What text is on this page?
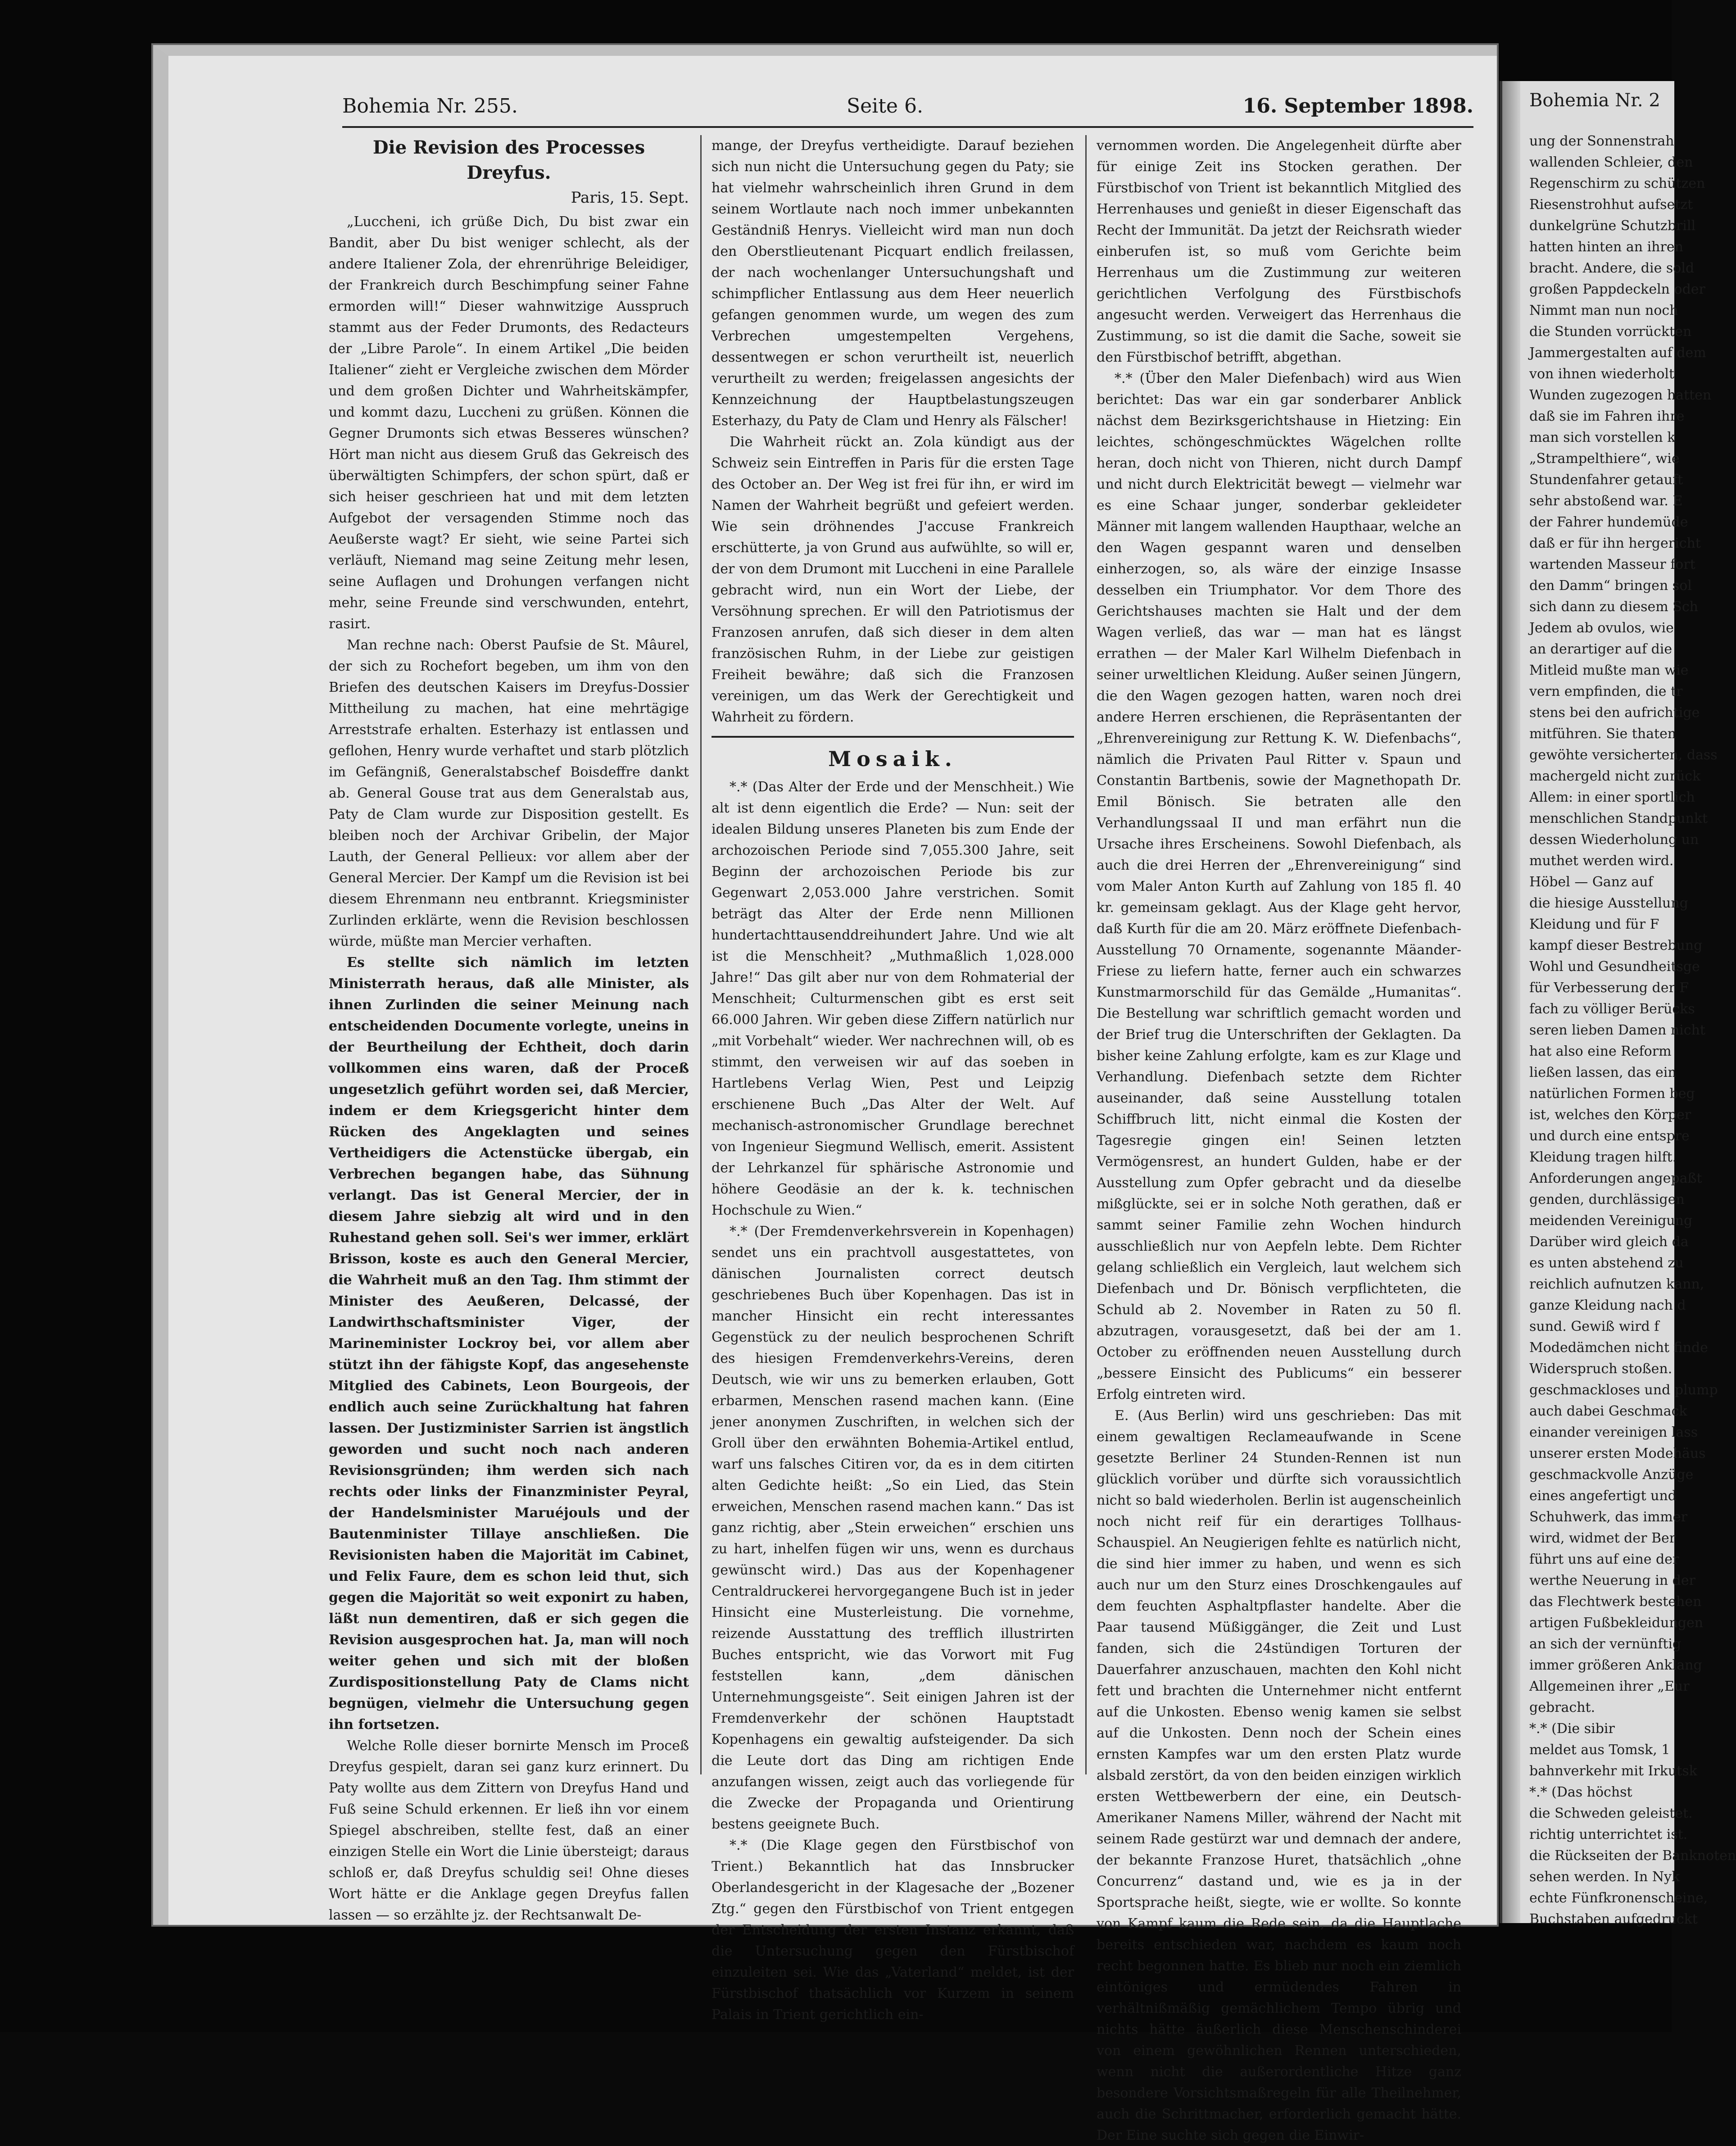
Bohemia Nr. 2
ung der Sonnenstrah
wallenden Schleier, den
Regenschirm zu schützen
Riesenstrohhut aufsetzt
dunkelgrüne Schutzbrill
hatten hinten an ihren
bracht. Andere, die sold
großen Pappdeckeln oder
Nimmt man nun noch
die Stunden vorrückten
Jammergestalten auf dem
von ihnen wiederholt
Wunden zugezogen hatten
daß sie im Fahren ihre
man sich vorstellen k
„Strampelthiere“, wie
Stundenfahrer getauft
sehr abstoßend war. E
der Fahrer hundemüde
daß er für ihn hergericht
wartenden Masseur fort
den Damm“ bringen sol
sich dann zu diesem Sch
Jedem ab ovulos, wie
an derartiger auf die
Mitleid mußte man wie
vern empfinden, die tr
stens bei den aufrichtige
mitführen. Sie thaten
gewöhte versicherten, dass
machergeld nicht zurück
Allem: in einer sportlich
menschlichen Standpunkt
dessen Wiederholung un
muthet werden wird.
Höbel — Ganz auf
die hiesige Ausstellung
Kleidung und für F
kampf dieser Bestrebung
Wohl und Gesundheitsge
für Verbesserung der F
fach zu völliger Berücks
seren lieben Damen nicht
hat also eine Reform
ließen lassen, das ein
natürlichen Formen beg
ist, welches den Körper
und durch eine entspre
Kleidung tragen hilft.
Anforderungen angepaßt
genden, durchlässigen
meidenden Vereinigung
Darüber wird gleich da
es unten abstehend zu
reichlich aufnutzen kann,
ganze Kleidung nach d
sund. Gewiß wird f
Modedämchen nicht finde
Widerspruch stoßen.
geschmackloses und plump
auch dabei Geschmack
einander vereinigen lass
unserer ersten Modehäus
geschmackvolle Anzüge
eines angefertigt und
Schuhwerk, das immer
wird, widmet der Ber
führt uns auf eine der
werthe Neuerung in der
das Flechtwerk bestehen
artigen Fußbekleidungen
an sich der vernünftig
immer größeren Anklang
Allgemeinen ihrer „Eur
gebracht.
*.* (Die sibir
meldet aus Tomsk, 1
bahnverkehr mit Irkutsk
*.* (Das höchst
die Schweden geleistet.
richtig unterrichtet ist.
die Rückseiten der Banknoten
sehen werden. In Nyk
echte Fünfkronenscheine,
Buchstaben aufgedruckt
Bohemia Nr. 255.	Seite 6.	16. September 1898.
Die Revision des Processes Dreyfus.
Paris, 15. Sept.

„Luccheni, ich grüße Dich, Du bist zwar ein Bandit, aber Du bist weniger schlecht, als der andere Italiener Zola, der ehrenrührige Beleidiger, der Frankreich durch Beschimpfung seiner Fahne ermorden will!“ Dieser wahnwitzige Ausspruch stammt aus der Feder Drumonts, des Redacteurs der „Libre Parole“. In einem Artikel „Die beiden Italiener“ zieht er Vergleiche zwischen dem Mörder und dem großen Dichter und Wahrheitskämpfer, und kommt dazu, Luccheni zu grüßen. Können die Gegner Drumonts sich etwas Besseres wünschen? Hört man nicht aus diesem Gruß das Gekreisch des überwältigten Schimpfers, der schon spürt, daß er sich heiser geschrieen hat und mit dem letzten Aufgebot der versagenden Stimme noch das Aeußerste wagt? Er sieht, wie seine Partei sich verläuft, Niemand mag seine Zeitung mehr lesen, seine Auflagen und Drohungen verfangen nicht mehr, seine Freunde sind verschwunden, entehrt, rasirt.

Man rechne nach: Oberst Paufsie de St. Mâurel, der sich zu Rochefort begeben, um ihm von den Briefen des deutschen Kaisers im Dreyfus-Dossier Mittheilung zu machen, hat eine mehrtägige Arreststrafe erhalten. Esterhazy ist entlassen und geflohen, Henry wurde verhaftet und starb plötzlich im Gefängniß, Generalstabschef Boisdeffre dankt ab. General Gouse trat aus dem Generalstab aus, Paty de Clam wurde zur Disposition gestellt. Es bleiben noch der Archivar Gribelin, der Major Lauth, der General Pellieux: vor allem aber der General Mercier. Der Kampf um die Revision ist bei diesem Ehrenmann neu entbrannt. Kriegsminister Zurlinden erklärte, wenn die Revision beschlossen würde, müßte man Mercier verhaften.

Es stellte sich nämlich im letzten Ministerrath heraus, daß alle Minister, als ihnen Zurlinden die seiner Meinung nach entscheidenden Documente vorlegte, uneins in der Beurtheilung der Echtheit, doch darin vollkommen eins waren, daß der Proceß ungesetzlich geführt worden sei, daß Mercier, indem er dem Kriegsgericht hinter dem Rücken des Angeklagten und seines Vertheidigers die Actenstücke übergab, ein Verbrechen begangen habe, das Sühnung verlangt. Das ist General Mercier, der in diesem Jahre siebzig alt wird und in den Ruhestand gehen soll. Sei's wer immer, erklärt Brisson, koste es auch den General Mercier, die Wahrheit muß an den Tag. Ihm stimmt der Minister des Aeußeren, Delcassé, der Landwirthschaftsminister Viger, der Marineminister Lockroy bei, vor allem aber stützt ihn der fähigste Kopf, das angesehenste Mitglied des Cabinets, Leon Bourgeois, der endlich auch seine Zurückhaltung hat fahren lassen. Der Justizminister Sarrien ist ängstlich geworden und sucht noch nach anderen Revisionsgründen; ihm werden sich nach rechts oder links der Finanzminister Peyral, der Handelsminister Maruéjouls und der Bautenminister Tillaye anschließen. Die Revisionisten haben die Majorität im Cabinet, und Felix Faure, dem es schon leid thut, sich gegen die Majorität so weit exponirt zu haben, läßt nun dementiren, daß er sich gegen die Revision ausgesprochen hat. Ja, man will noch weiter gehen und sich mit der bloßen Zurdispositionstellung Paty de Clams nicht begnügen, vielmehr die Untersuchung gegen ihn fortsetzen.

Welche Rolle dieser bornirte Mensch im Proceß Dreyfus gespielt, daran sei ganz kurz erinnert. Du Paty wollte aus dem Zittern von Dreyfus Hand und Fuß seine Schuld erkennen. Er ließ ihn vor einem Spiegel abschreiben, stellte fest, daß an einer einzigen Stelle ein Wort die Linie übersteigt; daraus schloß er, daß Dreyfus schuldig sei! Ohne dieses Wort hätte er die Anklage gegen Dreyfus fallen lassen — so erzählte jz. der Rechtsanwalt De-

mange, der Dreyfus vertheidigte. Darauf beziehen sich nun nicht die Untersuchung gegen du Paty; sie hat vielmehr wahrscheinlich ihren Grund in dem seinem Wortlaute nach noch immer unbekannten Geständniß Henrys. Vielleicht wird man nun doch den Oberstlieutenant Picquart endlich freilassen, der nach wochenlanger Untersuchungshaft und schimpflicher Entlassung aus dem Heer neuerlich gefangen genommen wurde, um wegen des zum Verbrechen umgestempelten Vergehens, dessentwegen er schon verurtheilt ist, neuerlich verurtheilt zu werden; freigelassen angesichts der Kennzeichnung der Hauptbelastungszeugen Esterhazy, du Paty de Clam und Henry als Fälscher!

Die Wahrheit rückt an. Zola kündigt aus der Schweiz sein Eintreffen in Paris für die ersten Tage des October an. Der Weg ist frei für ihn, er wird im Namen der Wahrheit begrüßt und gefeiert werden. Wie sein dröhnendes J'accuse Frankreich erschütterte, ja von Grund aus aufwühlte, so will er, der von dem Drumont mit Luccheni in eine Parallele gebracht wird, nun ein Wort der Liebe, der Versöhnung sprechen. Er will den Patriotismus der Franzosen anrufen, daß sich dieser in dem alten französischen Ruhm, in der Liebe zur geistigen Freiheit bewähre; daß sich die Franzosen vereinigen, um das Werk der Gerechtigkeit und Wahrheit zu fördern.

Mosaik.

*.* (Das Alter der Erde und der Menschheit.) Wie alt ist denn eigentlich die Erde? — Nun: seit der idealen Bildung unseres Planeten bis zum Ende der archozoischen Periode sind 7,055.300 Jahre, seit Beginn der archozoischen Periode bis zur Gegenwart 2,053.000 Jahre verstrichen. Somit beträgt das Alter der Erde nenn Millionen hundertachttausenddreihundert Jahre. Und wie alt ist die Menschheit? „Muthmaßlich 1,028.000 Jahre!“ Das gilt aber nur von dem Rohmaterial der Menschheit; Culturmenschen gibt es erst seit 66.000 Jahren. Wir geben diese Ziffern natürlich nur „mit Vorbehalt“ wieder. Wer nachrechnen will, ob es stimmt, den verweisen wir auf das soeben in Hartlebens Verlag Wien, Pest und Leipzig erschienene Buch „Das Alter der Welt. Auf mechanisch-astronomischer Grundlage berechnet von Ingenieur Siegmund Wellisch, emerit. Assistent der Lehrkanzel für sphärische Astronomie und höhere Geodäsie an der k. k. technischen Hochschule zu Wien.“

*.* (Der Fremdenverkehrsverein in Kopenhagen) sendet uns ein prachtvoll ausgestattetes, von dänischen Journalisten correct deutsch geschriebenes Buch über Kopenhagen. Das ist in mancher Hinsicht ein recht interessantes Gegenstück zu der neulich besprochenen Schrift des hiesigen Fremdenverkehrs-Vereins, deren Deutsch, wie wir uns zu bemerken erlauben, Gott erbarmen, Menschen rasend machen kann. (Eine jener anonymen Zuschriften, in welchen sich der Groll über den erwähnten Bohemia-Artikel entlud, warf uns falsches Citiren vor, da es in dem citirten alten Gedichte heißt: „So ein Lied, das Stein erweichen, Menschen rasend machen kann.“ Das ist ganz richtig, aber „Stein erweichen“ erschien uns zu hart, inhelfen fügen wir uns, wenn es durchaus gewünscht wird.) Das aus der Kopenhagener Centraldruckerei hervorgegangene Buch ist in jeder Hinsicht eine Musterleistung. Die vornehme, reizende Ausstattung des trefflich illustrirten Buches entspricht, wie das Vorwort mit Fug feststellen kann, „dem dänischen Unternehmungsgeiste“. Seit einigen Jahren ist der Fremdenverkehr der schönen Hauptstadt Kopenhagens ein gewaltig aufsteigender. Da sich die Leute dort das Ding am richtigen Ende anzufangen wissen, zeigt auch das vorliegende für die Zwecke der Propaganda und Orientirung bestens geeignete Buch.

*.* (Die Klage gegen den Fürstbischof von Trient.) Bekanntlich hat das Innsbrucker Oberlandesgericht in der Klagesache der „Bozener Ztg.“ gegen den Fürstbischof von Trient entgegen der Entscheidung der ersten Instanz erkannt, daß die Untersuchung gegen den Fürstbischof einzuleiten sei. Wie das „Vaterland“ meldet, ist der Fürstbischof thatsächlich vor Kurzem in seinem Palais in Trient gerichtlich ein-

vernommen worden. Die Angelegenheit dürfte aber für einige Zeit ins Stocken gerathen. Der Fürstbischof von Trient ist bekanntlich Mitglied des Herrenhauses und genießt in dieser Eigenschaft das Recht der Immunität. Da jetzt der Reichsrath wieder einberufen ist, so muß vom Gerichte beim Herrenhaus um die Zustimmung zur weiteren gerichtlichen Verfolgung des Fürstbischofs angesucht werden. Verweigert das Herrenhaus die Zustimmung, so ist die damit die Sache, soweit sie den Fürstbischof betrifft, abgethan.

*.* (Über den Maler Diefenbach) wird aus Wien berichtet: Das war ein gar sonderbarer Anblick nächst dem Bezirksgerichtshause in Hietzing: Ein leichtes, schöngeschmücktes Wägelchen rollte heran, doch nicht von Thieren, nicht durch Dampf und nicht durch Elektricität bewegt — vielmehr war es eine Schaar junger, sonderbar gekleideter Männer mit langem wallenden Haupthaar, welche an den Wagen gespannt waren und denselben einherzogen, so, als wäre der einzige Insasse desselben ein Triumphator. Vor dem Thore des Gerichtshauses machten sie Halt und der dem Wagen verließ, das war — man hat es längst errathen — der Maler Karl Wilhelm Diefenbach in seiner urweltlichen Kleidung. Außer seinen Jüngern, die den Wagen gezogen hatten, waren noch drei andere Herren erschienen, die Repräsentanten der „Ehrenvereinigung zur Rettung K. W. Diefenbachs“, nämlich die Privaten Paul Ritter v. Spaun und Constantin Bartbenis, sowie der Magnethopath Dr. Emil Bönisch. Sie betraten alle den Verhandlungssaal II und man erfährt nun die Ursache ihres Erscheinens. Sowohl Diefenbach, als auch die drei Herren der „Ehrenvereinigung“ sind vom Maler Anton Kurth auf Zahlung von 185 fl. 40 kr. gemeinsam geklagt. Aus der Klage geht hervor, daß Kurth für die am 20. März eröffnete Diefenbach-Ausstellung 70 Ornamente, sogenannte Mäander-Friese zu liefern hatte, ferner auch ein schwarzes Kunstmarmorschild für das Gemälde „Humanitas“. Die Bestellung war schriftlich gemacht worden und der Brief trug die Unterschriften der Geklagten. Da bisher keine Zahlung erfolgte, kam es zur Klage und Verhandlung. Diefenbach setzte dem Richter auseinander, daß seine Ausstellung totalen Schiffbruch litt, nicht einmal die Kosten der Tagesregie gingen ein! Seinen letzten Vermögensrest, an hundert Gulden, habe er der Ausstellung zum Opfer gebracht und da dieselbe mißglückte, sei er in solche Noth gerathen, daß er sammt seiner Familie zehn Wochen hindurch ausschließlich nur von Aepfeln lebte. Dem Richter gelang schließlich ein Vergleich, laut welchem sich Diefenbach und Dr. Bönisch verpflichteten, die Schuld ab 2. November in Raten zu 50 fl. abzutragen, vorausgesetzt, daß bei der am 1. October zu eröffnenden neuen Ausstellung durch „bessere Einsicht des Publicums“ ein besserer Erfolg eintreten wird.

E. (Aus Berlin) wird uns geschrieben: Das mit einem gewaltigen Reclameaufwande in Scene gesetzte Berliner 24 Stunden-Rennen ist nun glücklich vorüber und dürfte sich voraussichtlich nicht so bald wiederholen. Berlin ist augenscheinlich noch nicht reif für ein derartiges Tollhaus-Schauspiel. An Neugierigen fehlte es natürlich nicht, die sind hier immer zu haben, und wenn es sich auch nur um den Sturz eines Droschkengaules auf dem feuchten Asphaltpflaster handelte. Aber die Paar tausend Müßiggänger, die Zeit und Lust fanden, sich die 24stündigen Torturen der Dauerfahrer anzuschauen, machten den Kohl nicht fett und brachten die Unternehmer nicht entfernt auf die Unkosten. Ebenso wenig kamen sie selbst auf die Unkosten. Denn noch der Schein eines ernsten Kampfes war um den ersten Platz wurde alsbald zerstört, da von den beiden einzigen wirklich ersten Wettbewerbern der eine, ein Deutsch-Amerikaner Namens Miller, während der Nacht mit seinem Rade gestürzt war und demnach der andere, der bekannte Franzose Huret, thatsächlich „ohne Concurrenz“ dastand und, wie es ja in der Sportsprache heißt, siegte, wie er wollte. So konnte von Kampf kaum die Rede sein, da die Hauptlache bereits entschieden war, nachdem es kaum noch recht begonnen hatte. Es blieb nur noch ein ziemlich eintöniges und ermüdendes Fahren in verhältnißmäßig gemächlichem Tempo übrig und nichts hätte äußerlich diese Menschenschinderei von einem gewöhnlichen Rennen unterschieden, wenn nicht die außerordentliche Hitze ganz besondere Vorsichtsmaßregeln für alle Theilnehmer, auch die Schrittmacher, erforderlich gemacht hätte. Der Eine suchte sich gegen die Einwir-
